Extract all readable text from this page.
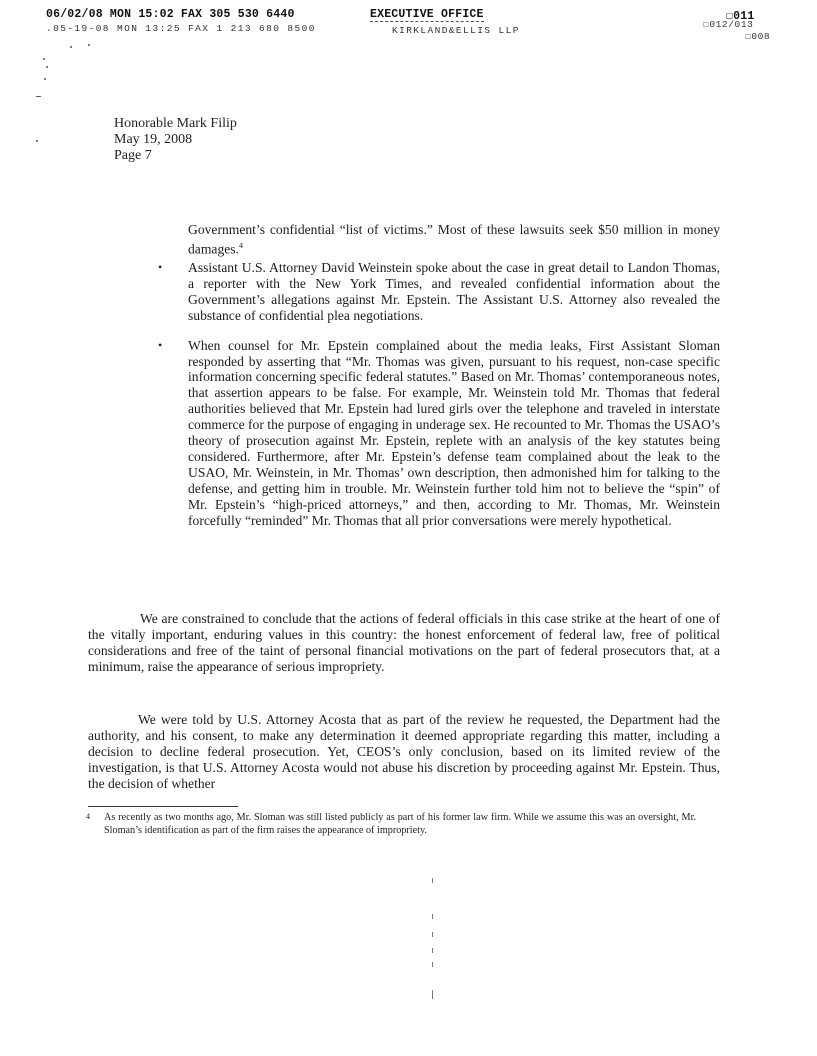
06/02/08 MON 15:02 FAX 305 530 6440	EXECUTIVE OFFICE	☐011
.05-19-08 MON 13:25 FAX 1 213 680 8500	KIRKLAND&ELLIS LLP
☐012/013
☐008
Honorable Mark Filip
May 19, 2008
Page 7
Government’s confidential “list of victims.” Most of these lawsuits seek $50 million in money damages.$^4$
•	Assistant U.S. Attorney David Weinstein spoke about the case in great detail to Landon Thomas, a reporter with the New York Times, and revealed confidential information about the Government’s allegations against Mr. Epstein. The Assistant U.S. Attorney also revealed the substance of confidential plea negotiations.
•	When counsel for Mr. Epstein complained about the media leaks, First Assistant Sloman responded by asserting that “Mr. Thomas was given, pursuant to his request, non-case specific information concerning specific federal statutes.” Based on Mr. Thomas’ contemporaneous notes, that assertion appears to be false. For example, Mr. Weinstein told Mr. Thomas that federal authorities believed that Mr. Epstein had lured girls over the telephone and traveled in interstate commerce for the purpose of engaging in underage sex. He recounted to Mr. Thomas the USAO’s theory of prosecution against Mr. Epstein, replete with an analysis of the key statutes being considered. Furthermore, after Mr. Epstein’s defense team complained about the leak to the USAO, Mr. Weinstein, in Mr. Thomas’ own description, then admonished him for talking to the defense, and getting him in trouble. Mr. Weinstein further told him not to believe the “spin” of Mr. Epstein’s “high-priced attorneys,” and then, according to Mr. Thomas, Mr. Weinstein forcefully “reminded” Mr. Thomas that all prior conversations were merely hypothetical.
We are constrained to conclude that the actions of federal officials in this case strike at the heart of one of the vitally important, enduring values in this country: the honest enforcement of federal law, free of political considerations and free of the taint of personal financial motivations on the part of federal prosecutors that, at a minimum, raise the appearance of serious impropriety.
We were told by U.S. Attorney Acosta that as part of the review he requested, the Department had the authority, and his consent, to make any determination it deemed appropriate regarding this matter, including a decision to decline federal prosecution. Yet, CEOS’s only conclusion, based on its limited review of the investigation, is that U.S. Attorney Acosta would not abuse his discretion by proceeding against Mr. Epstein. Thus, the decision of whether
4 As recently as two months ago, Mr. Sloman was still listed publicly as part of his former law firm. While we assume this was an oversight, Mr. Sloman’s identification as part of the firm raises the appearance of impropriety.
